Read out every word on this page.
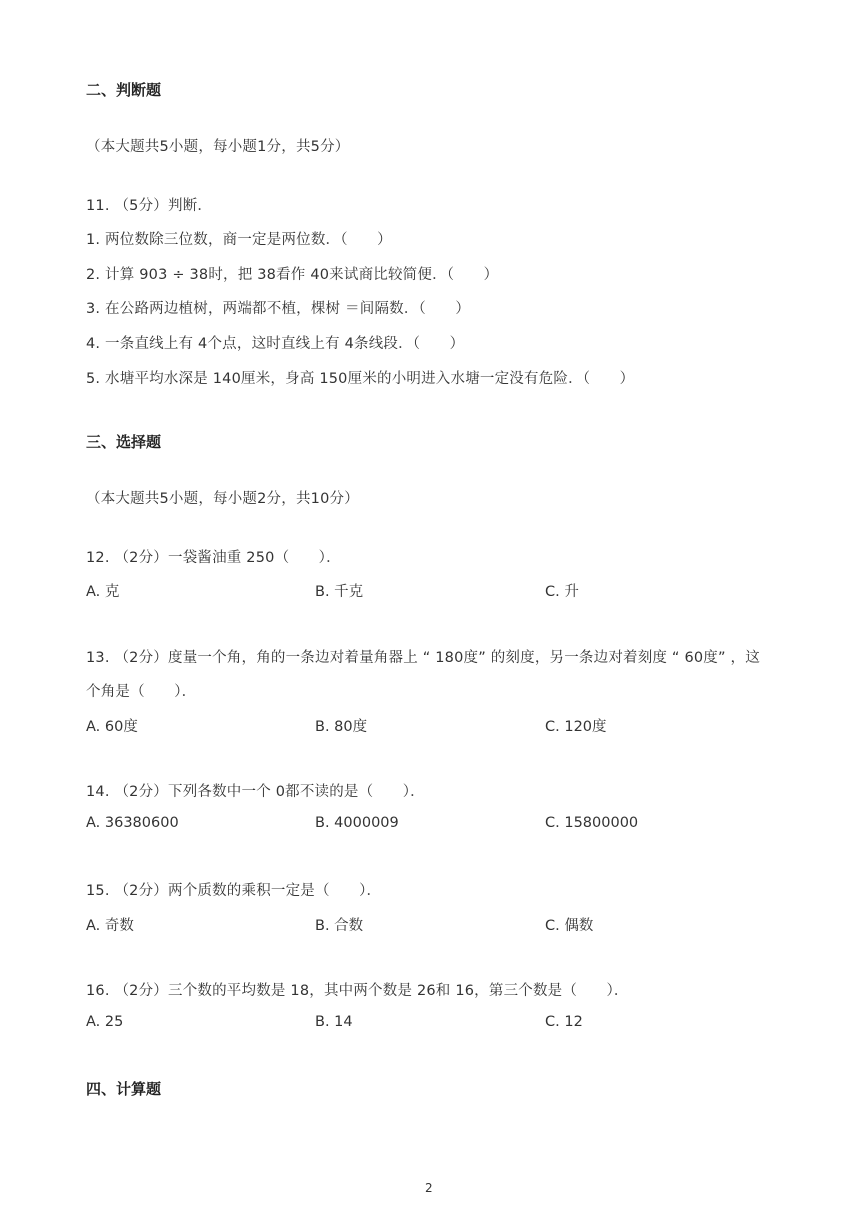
二、判断题
（本大题共5小题，每小题1分，共5分）
11. （5分）判断．
1. 两位数除三位数，商一定是两位数．（　　）
2. 计算 903 ÷ 38时，把 38看作 40来试商比较简便．（　　）
3. 在公路两边植树，两端都不植，棵树 ＝间隔数．（　　）
4. 一条直线上有 4个点，这时直线上有 4条线段．（　　）
5. 水塘平均水深是 140厘米，身高 150厘米的小明进入水塘一定没有危险．（　　）
三、选择题
（本大题共5小题，每小题2分，共10分）
12. （2分）一袋酱油重 250（　　）．
A. 克	B. 千克	C. 升
13. （2分）度量一个角，角的一条边对着量角器上 “ 180度” 的刻度，另一条边对着刻度 “ 60度” ，这
个角是（　　）．
A. 60度	B. 80度	C. 120度
14. （2分）下列各数中一个 0都不读的是（　　）．
A. 36380600	B. 4000009	C. 15800000
15. （2分）两个质数的乘积一定是（　　）．
A. 奇数	B. 合数	C. 偶数
16. （2分）三个数的平均数是 18，其中两个数是 26和 16，第三个数是（　　）．
A. 25	B. 14	C. 12
四、计算题
2
